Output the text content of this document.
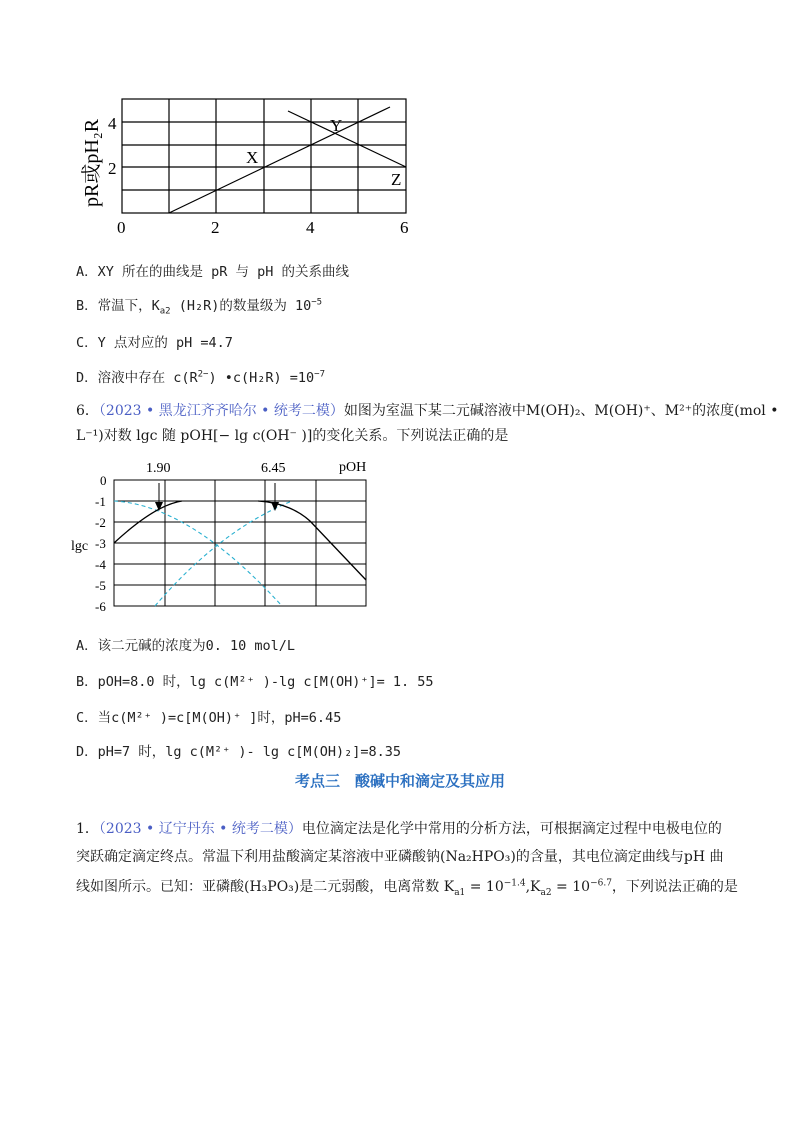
X
Y
Z
0	2	4	6
4
2
pR或pH₂R
A．XY 所在的曲线是 pR 与 pH 的关系曲线
B．常温下，$K_{a2}$ (H₂R)的数量级为 $10^{-5}$
C．Y 点对应的 pH =4.7
D．溶液中存在 $c(R^{2-})$ •c(H₂R) $=10^{-7}$
6．（2023 • 黑龙江齐齐哈尔 • 统考二模）如图为室温下某二元碱溶液中M(OH)₂、M(OH)⁺、M²⁺的浓度(mol •
L⁻¹)对数 lgc 随 pOH[− lg c(OH⁻ )]的变化关系。下列说法正确的是
1.90	6.45	pOH
lgc
0
-1
-2
-3
-4
-5
-6
A．该二元碱的浓度为0. 10 mol/L
B．pOH=8.0 时，lg c(M²⁺ )-lg c[M(OH)⁺]= 1. 55
C．当c(M²⁺ )=c[M(OH)⁺ ]时，pH=6.45
D．pH=7 时，lg c(M²⁺ )- lg c[M(OH)₂]=8.35
考点三　酸碱中和滴定及其应用
1．（2023 • 辽宁丹东 • 统考二模）电位滴定法是化学中常用的分析方法，可根据滴定过程中电极电位的
突跃确定滴定终点。常温下利用盐酸滴定某溶液中亚磷酸钠(Na₂HPO₃)的含量，其电位滴定曲线与pH 曲
线如图所示。已知：亚磷酸(H₃PO₃)是二元弱酸，电离常数 $K_{a1} = 10^{-1.4},K_{a2} = 10^{-6.7}$，下列说法正确的是
